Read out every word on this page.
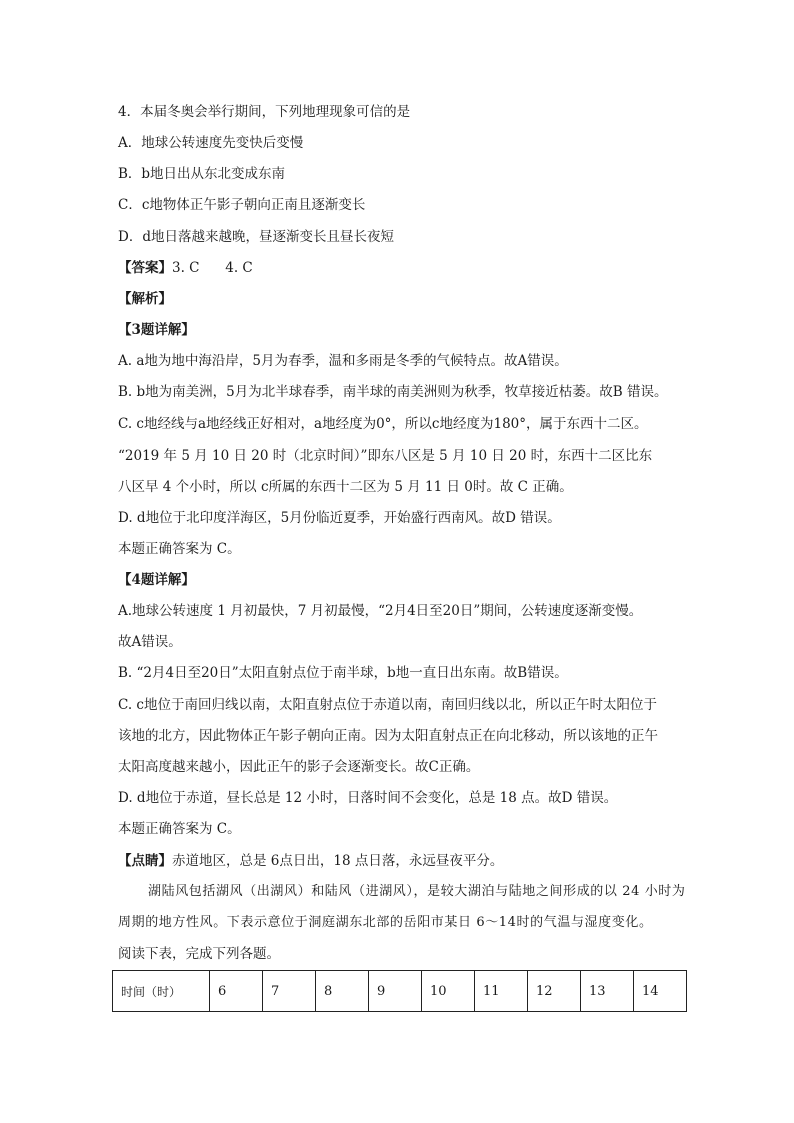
4．本届冬奥会举行期间，下列地理现象可信的是
A．地球公转速度先变快后变慢
B．b地日出从东北变成东南
C．c地物体正午影子朝向正南且逐渐变长
D．d地日落越来越晚，昼逐渐变长且昼长夜短
【答案】3. C      4. C
【解析】
【3题详解】
A. a地为地中海沿岸，5月为春季，温和多雨是冬季的气候特点。故A错误。
B. b地为南美洲，5月为北半球春季，南半球的南美洲则为秋季，牧草接近枯萎。故B 错误。
C. c地经线与a地经线正好相对，a地经度为0°，所以c地经度为180°，属于东西十二区。
“2019 年 5 月 10 日 20 时（北京时间）”即东八区是 5 月 10 日 20 时，东西十二区比东
八区早 4 个小时，所以 c所属的东西十二区为 5 月 11 日 0时。故 C 正确。
D. d地位于北印度洋海区，5月份临近夏季，开始盛行西南风。故D 错误。
本题正确答案为 C。
【4题详解】
A.地球公转速度 1 月初最快，7 月初最慢，“2月4日至20日”期间，公转速度逐渐变慢。
故A错误。
B. “2月4日至20日”太阳直射点位于南半球，b地一直日出东南。故B错误。
C. c地位于南回归线以南，太阳直射点位于赤道以南，南回归线以北，所以正午时太阳位于
该地的北方，因此物体正午影子朝向正南。因为太阳直射点正在向北移动，所以该地的正午
太阳高度越来越小，因此正午的影子会逐渐变长。故C正确。
D. d地位于赤道，昼长总是 12 小时，日落时间不会变化，总是 18 点。故D 错误。
本题正确答案为 C。
【点睛】赤道地区，总是 6点日出，18 点日落，永远昼夜平分。
湖陆风包括湖风（出湖风）和陆风（进湖风），是较大湖泊与陆地之间形成的以 24 小时为
周期的地方性风。下表示意位于洞庭湖东北部的岳阳市某日 6～14时的气温与湿度变化。
阅读下表，完成下列各题。
时间（时）	6	7	8	9	10	11	12	13	14
